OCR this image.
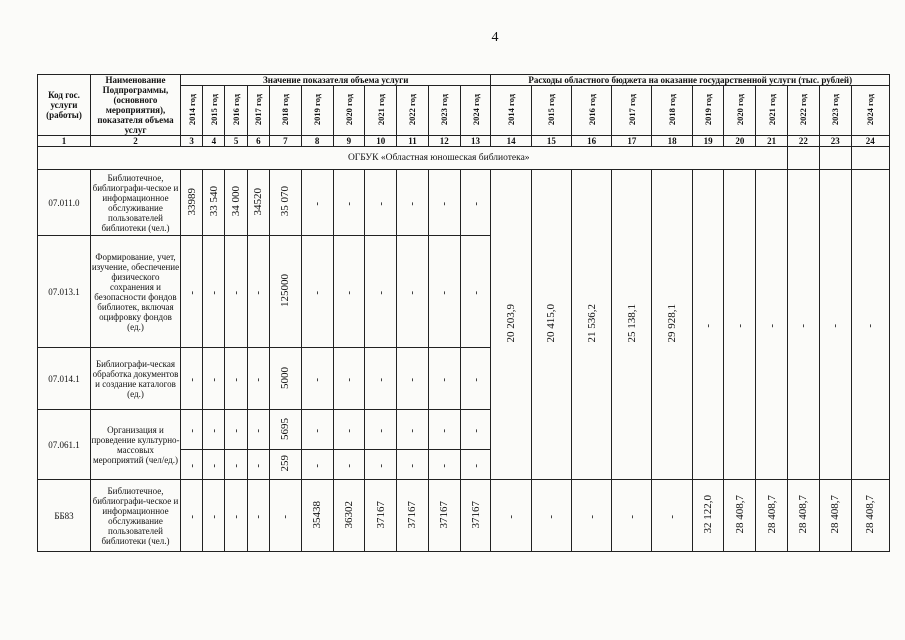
4
Код гос. услуги (работы)	Наименование Подпрограммы, (основного мероприятия), показателя объема услуг	Значение показателя объема услуги											Расходы областного бюджета на оказание государственной услуги (тыс. рублей)										
		2014 год	2015 год	2016 год	2017 год	2018 год	2019 год	2020 год	2021 год	2022 год	2023 год	2024 год	2014 год	2015 год	2016 год	2017 год	2018 год	2019 год	2020 год	2021 год	2022 год	2023 год	2024 год
1	2	3	4	5	6	7	8	9	10	11	12	13	14	15	16	17	18	19	20	21	22	23	24
	ОГБУК «Областная юношеская библиотека»																						
07.011.0	Библиотечное, библиографи-ческое и информационное обслуживание пользователей библиотеки (чел.)	33989	33 540	34 000	34520	35 070	-	-	-	-	-	-	20 203,9	20 415,0	21 536,2	25 138,1	29 928,1	-	-	-	-	-	-
07.013.1	Формирование, учет, изучение, обеспечение физического сохранения и безопасности фондов библиотек, включая оцифровку фондов (ед.)	-	-	-	-	125000	-	-	-	-	-	-											
07.014.1	Библиографи-ческая обработка документов и создание каталогов (ед.)	-	-	-	-	5000	-	-	-	-	-	-											
07.061.1	Организация и проведение культурно-массовых мероприятий (чел/ед.)	-	-	-	-	5695	-	-	-	-	-	-											
		-	-	-	-	259	-	-	-	-	-	-											
ББ83	Библиотечное, библиографи-ческое и информационное обслуживание пользователей библиотеки (чел.)	-	-	-	-	-	35438	36302	37167	37167	37167	37167	-	-	-	-	-	32 122,0	28 408,7	28 408,7	28 408,7	28 408,7	28 408,7
